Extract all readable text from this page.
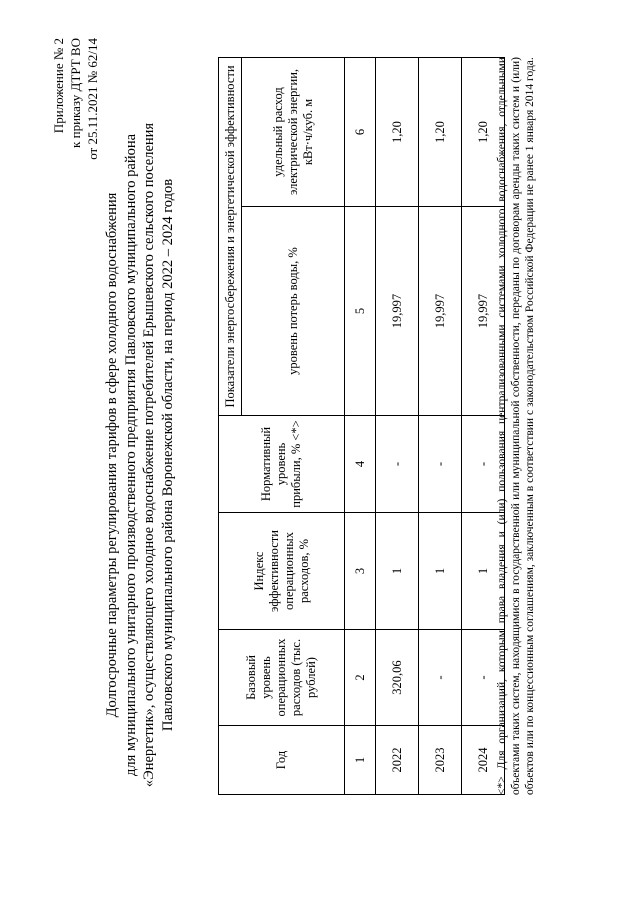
Приложение № 2 к приказу ДТРТ ВО от 25.11.2021 № 62/14
Долгосрочные параметры регулирования тарифов в сфере холодного водоснабжения для муниципального унитарного производственного предприятия Павловского муниципального района «Энергетик», осуществляющего холодное водоснабжение потребителей Ерышевского сельского поселения Павловского муниципального района Воронежской области, на период 2022 – 2024 годов
Год	Базовый уровень операционных расходов (тыс. рублей)	Индекс эффективности операционных расходов, %	Нормативный уровень прибыли, % <*>	Показатели энергосбережения и энергетической эффективности	
				уровень потерь воды, %	удельный расход электрической энергии, кВт·ч/куб. м
1	2	3	4	5	6
2022	320,06	1	-	19,997	1,20
2023	-	1	-	19,997	1,20
2024	-	1	-	19,997	1,20 <*> Для организаций, которым права владения и (или) пользования централизованными системами холодного водоснабжения, отдельными объектами таких систем, находящимися в государственной или муниципальной собственности, переданы по договорам аренды таких систем и (или) объектов или по концессионным соглашениям, заключенным в соответствии с законодательством Российской Федерации не ранее 1 января 2014 года.
